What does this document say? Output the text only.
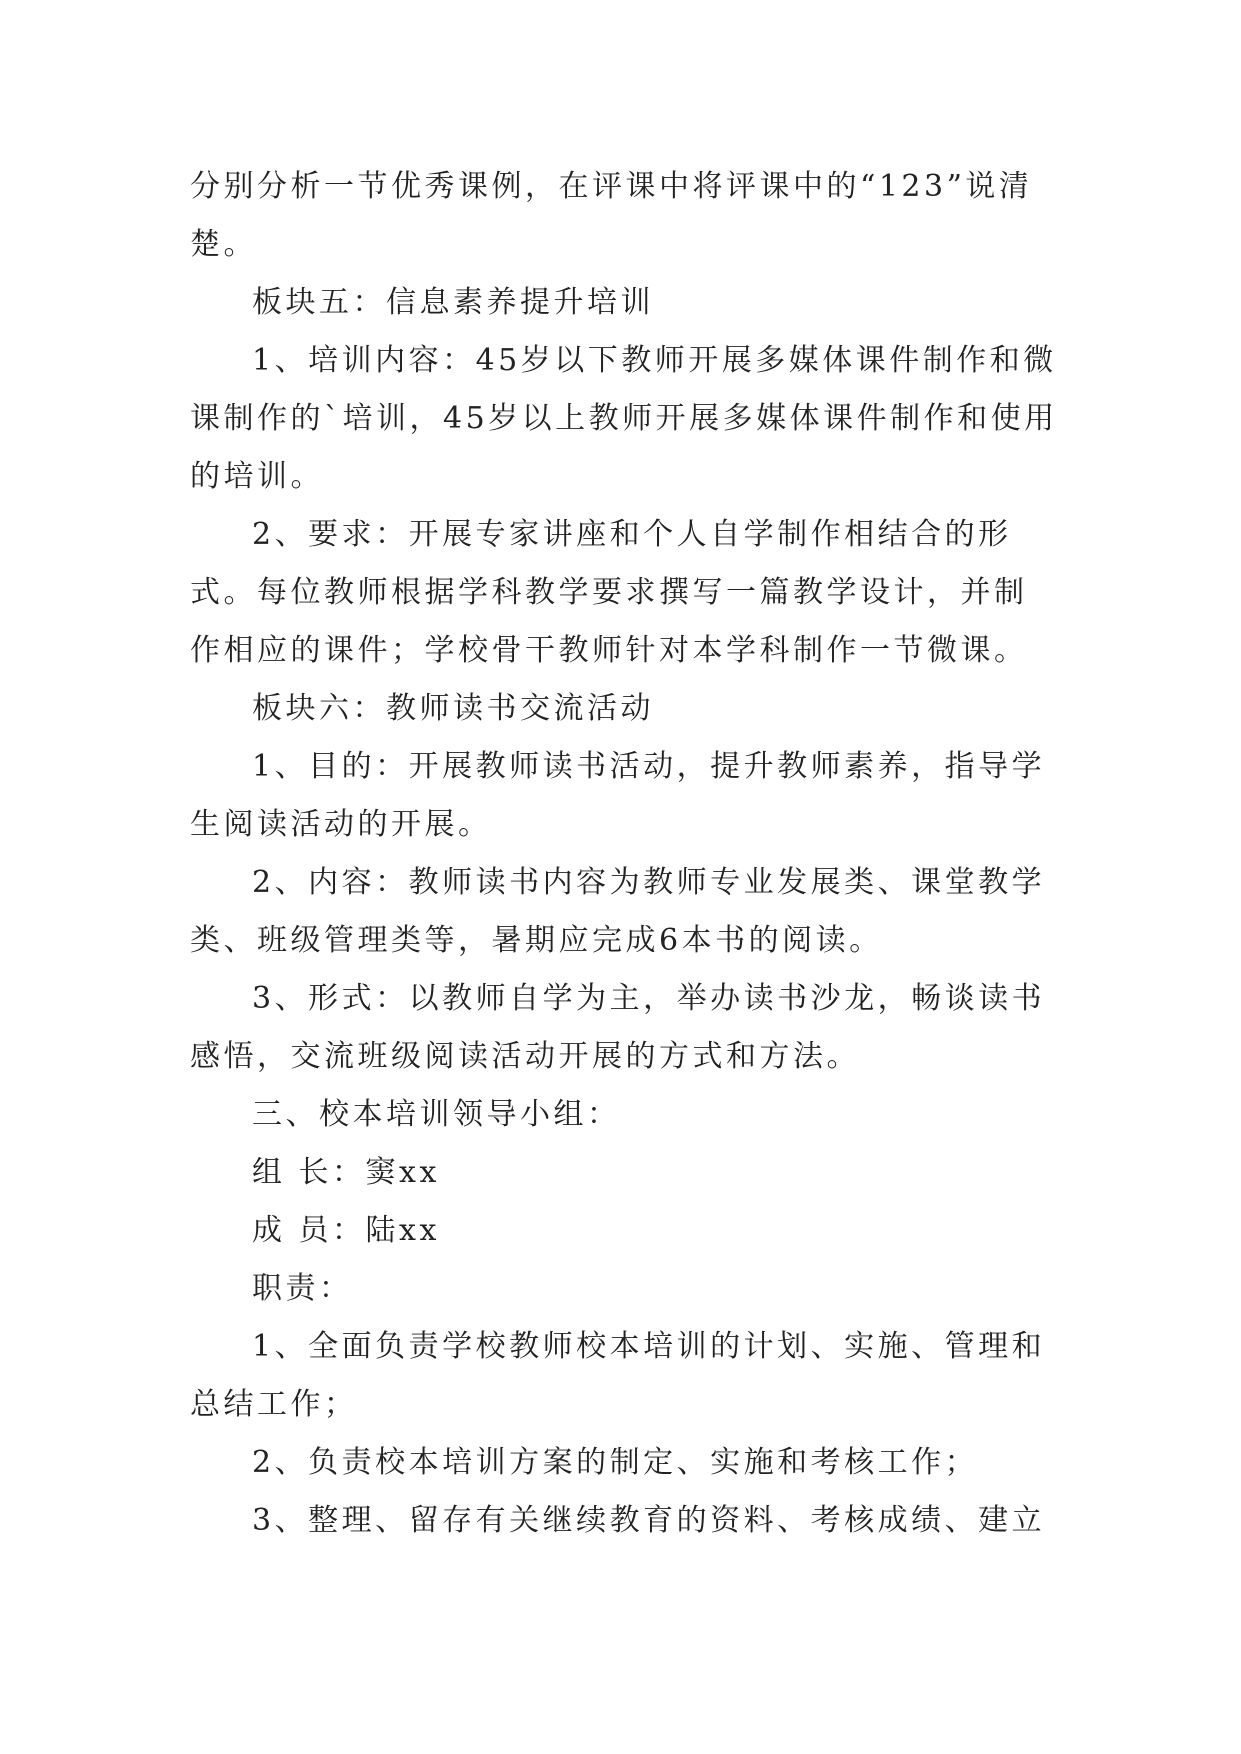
分别分析一节优秀课例，在评课中将评课中的“123”说清楚。

板块五：信息素养提升培训

1、培训内容：45岁以下教师开展多媒体课件制作和微课制作的`培训，45岁以上教师开展多媒体课件制作和使用的培训。

2、要求：开展专家讲座和个人自学制作相结合的形式。每位教师根据学科教学要求撰写一篇教学设计，并制作相应的课件；学校骨干教师针对本学科制作一节微课。

板块六：教师读书交流活动

1、目的：开展教师读书活动，提升教师素养，指导学生阅读活动的开展。

2、内容：教师读书内容为教师专业发展类、课堂教学类、班级管理类等，暑期应完成6本书的阅读。

3、形式：以教师自学为主，举办读书沙龙，畅谈读书感悟，交流班级阅读活动开展的方式和方法。

三、校本培训领导小组：

组 长：窦xx

成 员：陆xx

职责：

1、全面负责学校教师校本培训的计划、实施、管理和总结工作；

2、负责校本培训方案的制定、实施和考核工作；

3、整理、留存有关继续教育的资料、考核成绩、建立
